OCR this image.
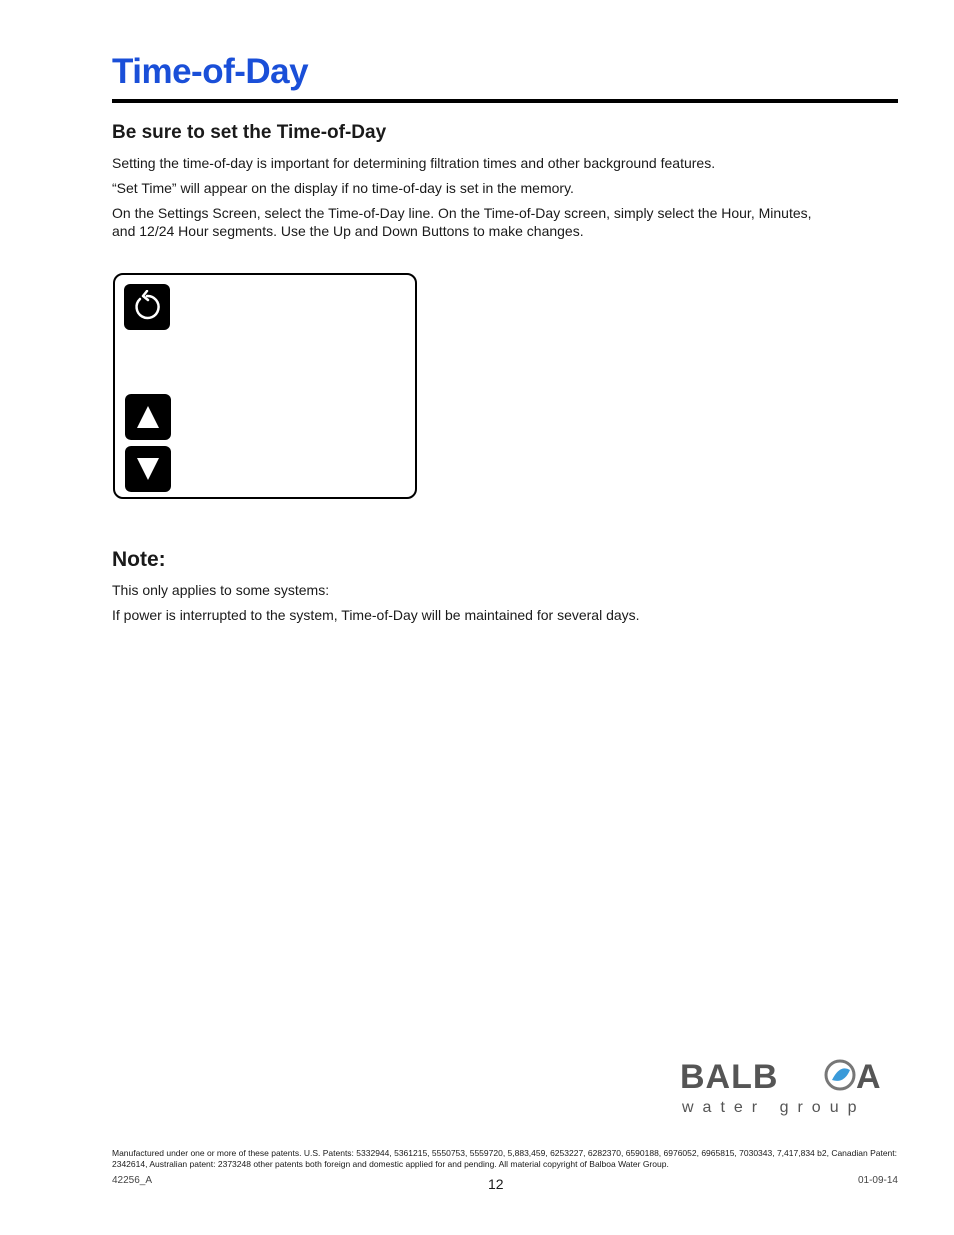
Time-of-Day
Be sure to set the Time-of-Day

Setting the time-of-day is important for determining filtration times and other background features.

“Set Time” will appear on the display if no time-of-day is set in the memory.

On the Settings Screen, select the Time-of-Day line. On the Time-of-Day screen, simply select the Hour, Minutes, and 12/24 Hour segments. Use the Up and Down Buttons to make changes.

Note:

This only applies to some systems:

If power is interrupted to the system, Time-of-Day will be maintained for several days.

BALB A
water group

Manufactured under one or more of these patents. U.S. Patents: 5332944, 5361215, 5550753, 5559720, 5,883,459, 6253227, 6282370, 6590188, 6976052, 6965815, 7030343, 7,417,834 b2, Canadian Patent: 2342614, Australian patent: 2373248 other patents both foreign and domestic applied for and pending. All material copyright of Balboa Water Group.

42256_A	12	01-09-14
